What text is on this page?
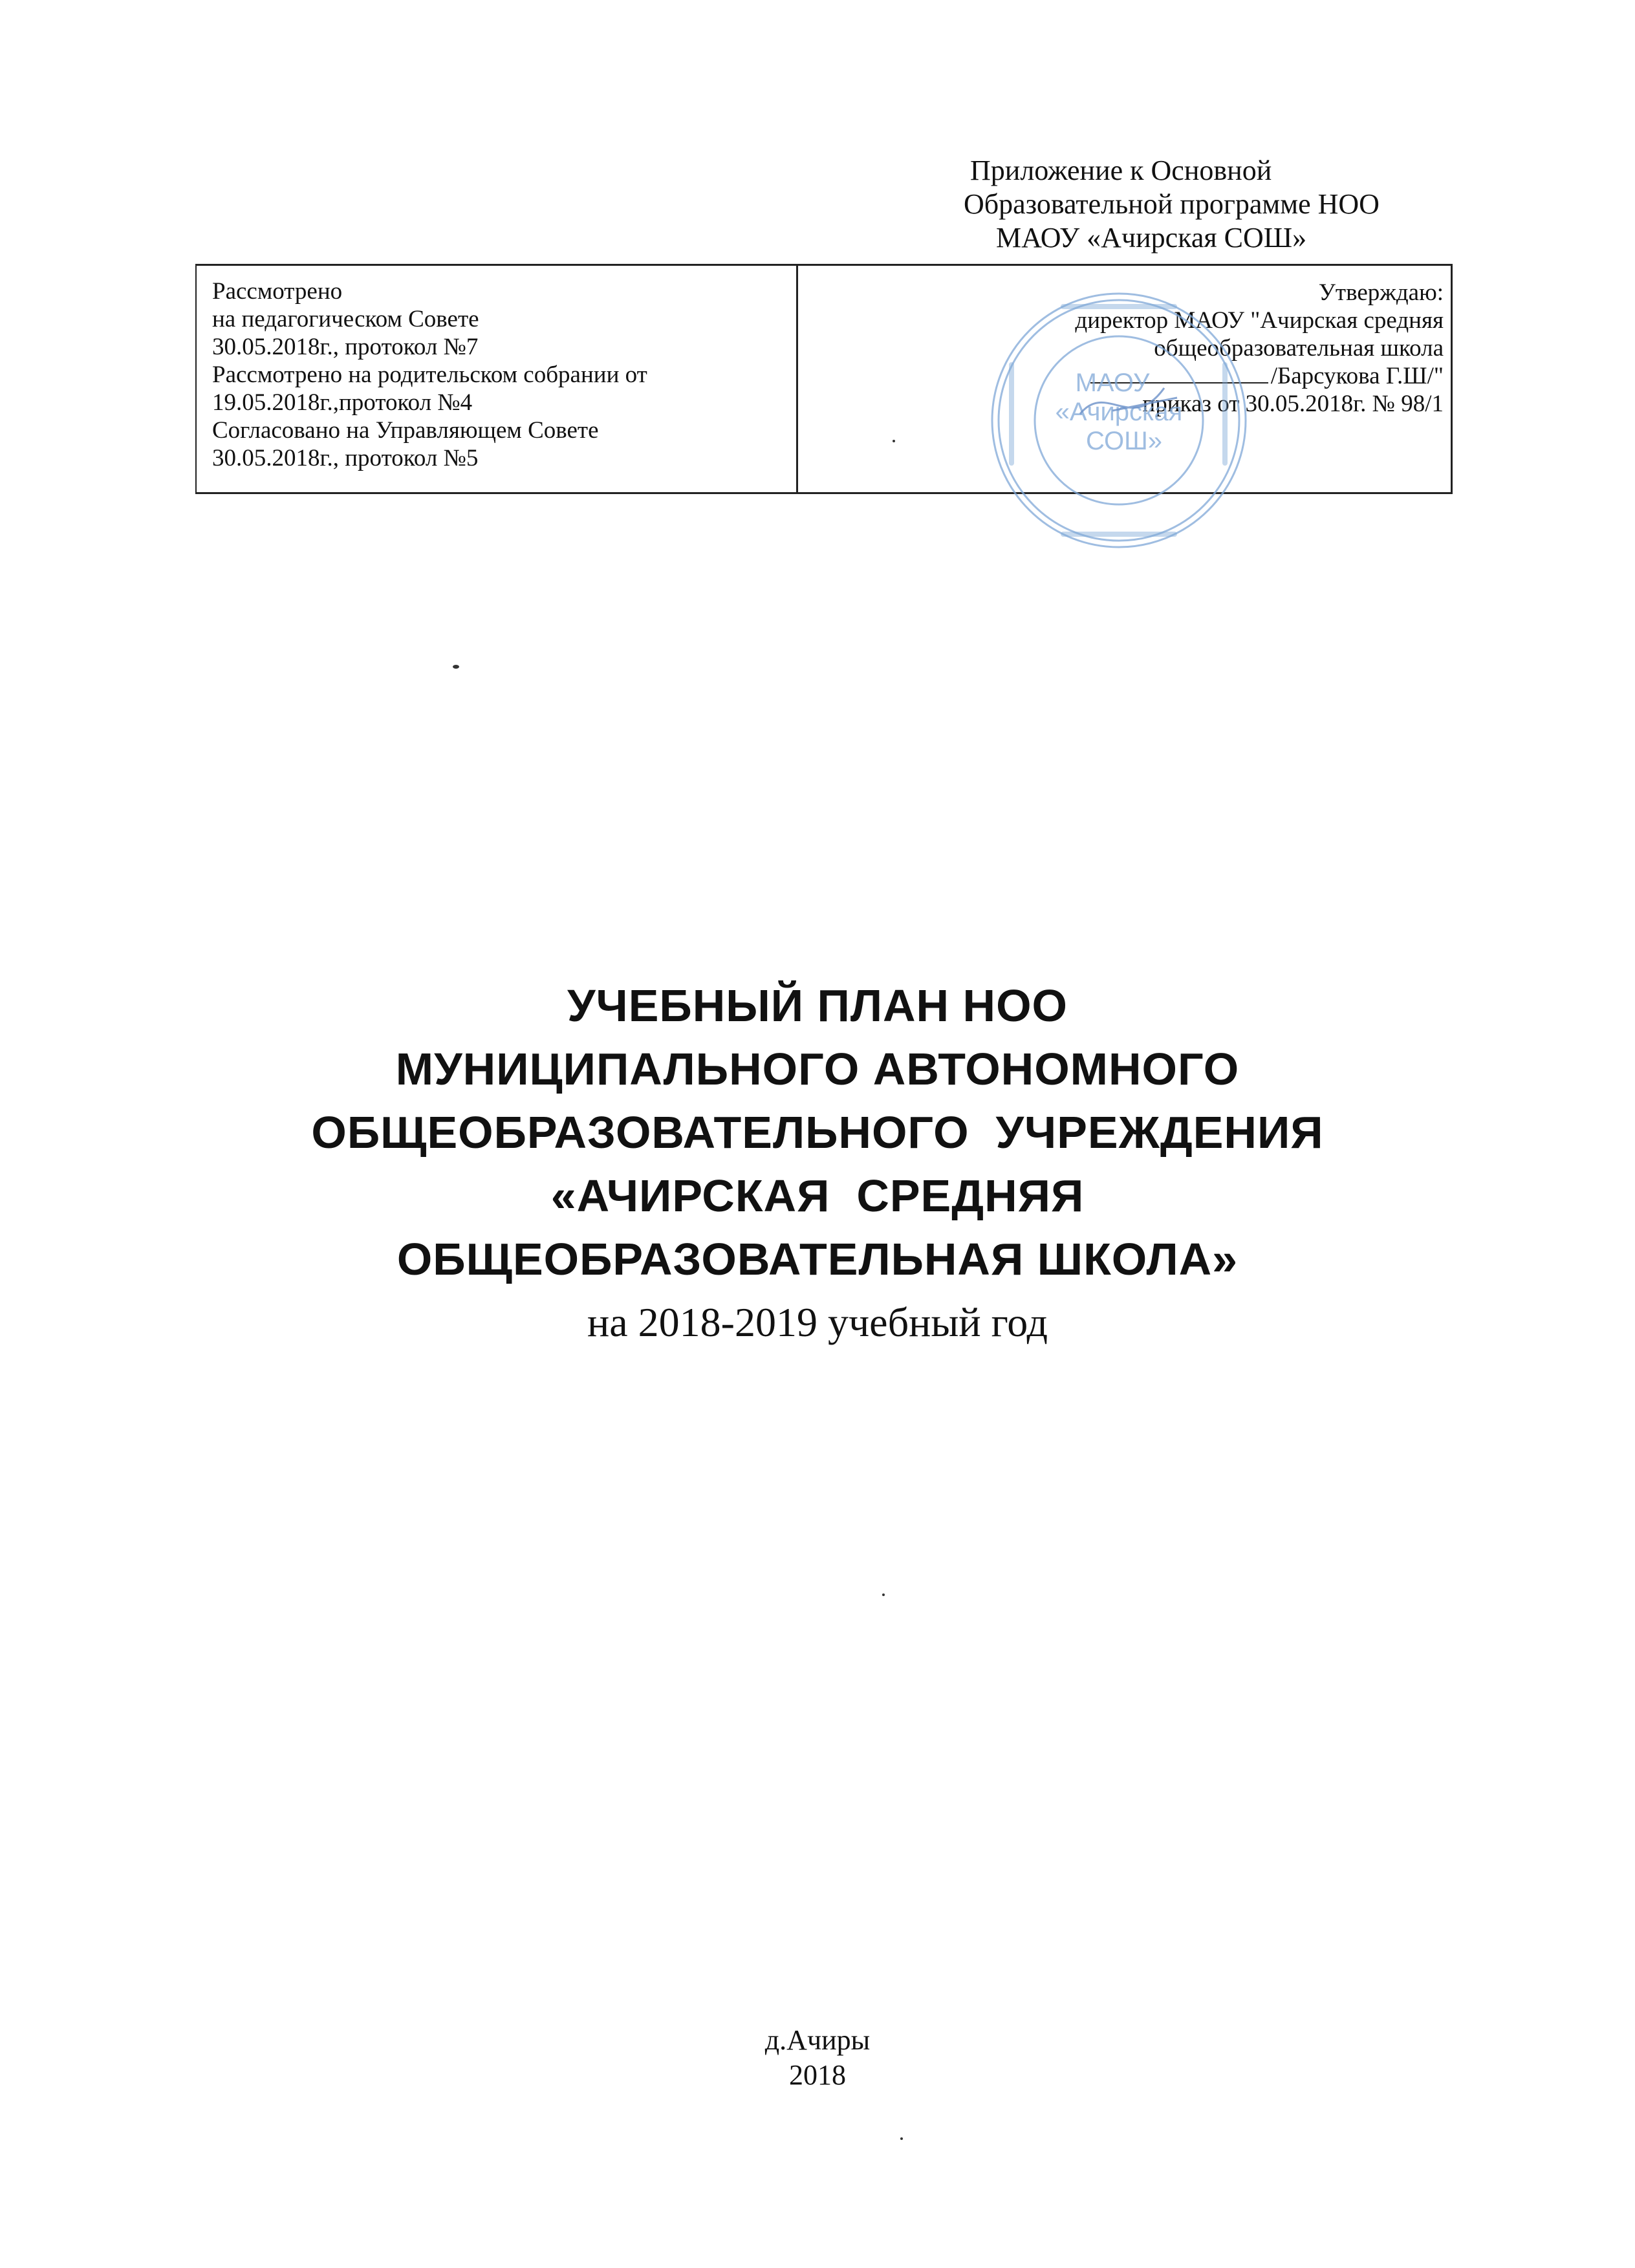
Приложение к Основной
Образовательной программе НОО
МАОУ «Ачирская СОШ»
Рассмотрено
на педагогическом Совете
30.05.2018г., протокол №7
Рассмотрено на родительском собрании от
19.05.2018г.,протокол №4
Согласовано на Управляющем Совете
30.05.2018г., протокол №5
Утверждаю:
директор МАОУ "Ачирская средняя
общеобразовательная школа
/Барсукова Г.Ш/"
приказ от 30.05.2018г. № 98/1
МАОУ
«Ачирская
СОШ»
УЧЕБНЫЙ ПЛАН НОО
МУНИЦИПАЛЬНОГО АВТОНОМНОГО
ОБЩЕОБРАЗОВАТЕЛЬНОГО  УЧРЕЖДЕНИЯ
«АЧИРСКАЯ  СРЕДНЯЯ
ОБЩЕОБРАЗОВАТЕЛЬНАЯ ШКОЛА»
на 2018-2019 учебный год
д.Ачиры
2018
